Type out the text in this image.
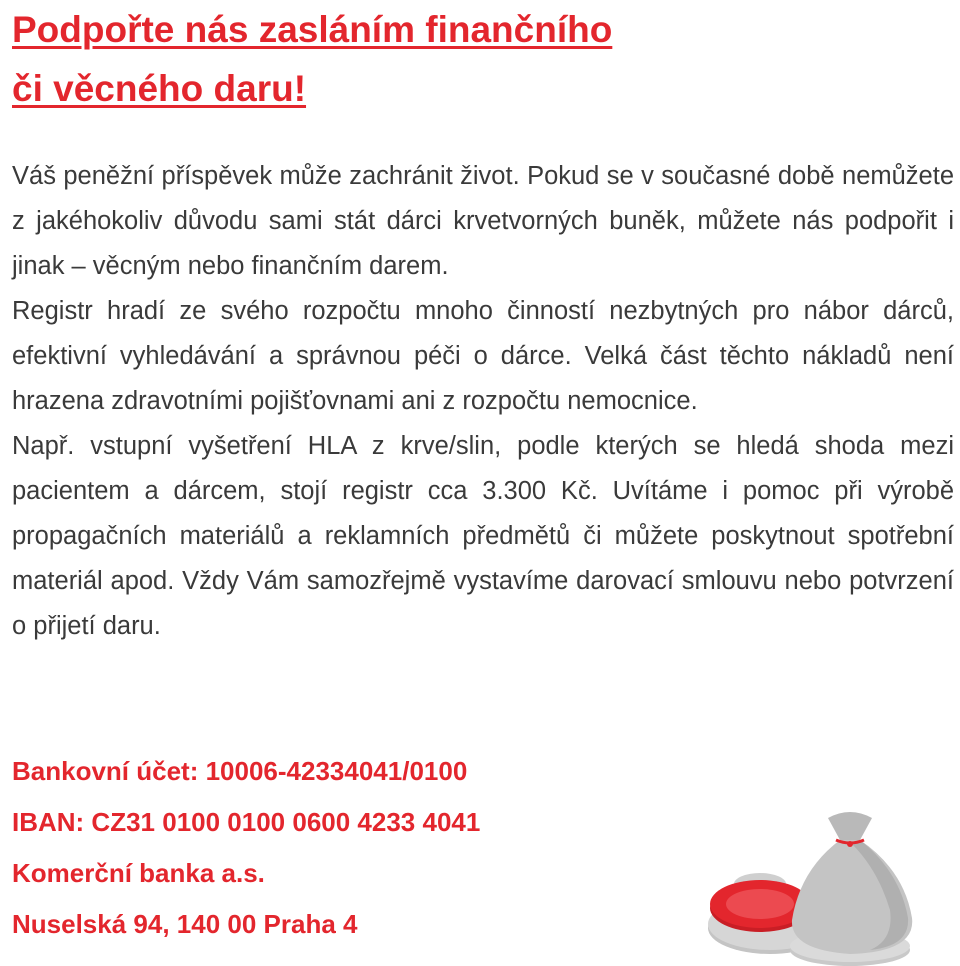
Podpořte nás zasláním finančního
či věcného daru!

Váš peněžní příspěvek může zachránit život. Pokud se v současné době nemůžete z jakéhokoliv důvodu sami stát dárci krvetvorných buněk, můžete nás podpořit i jinak – věcným nebo finančním darem.

Registr hradí ze svého rozpočtu mnoho činností nezbytných pro nábor dárců, efektivní vyhledávání a správnou péči o dárce. Velká část těchto nákladů není hrazena zdravotními pojišťovnami ani z rozpočtu nemocnice.

Např. vstupní vyšetření HLA z krve/slin, podle kterých se hledá shoda mezi pacientem a dárcem, stojí registr cca 3.300 Kč. Uvítáme i pomoc při výrobě propagačních materiálů a reklamních předmětů či můžete poskytnout spotřební materiál apod. Vždy Vám samozřejmě vystavíme darovací smlouvu nebo potvrzení o přijetí daru.

Bankovní účet: 10006-42334041/0100
IBAN: CZ31 0100 0100 0600 4233 4041
Komerční banka a.s.
Nuselská 94, 140 00 Praha 4
